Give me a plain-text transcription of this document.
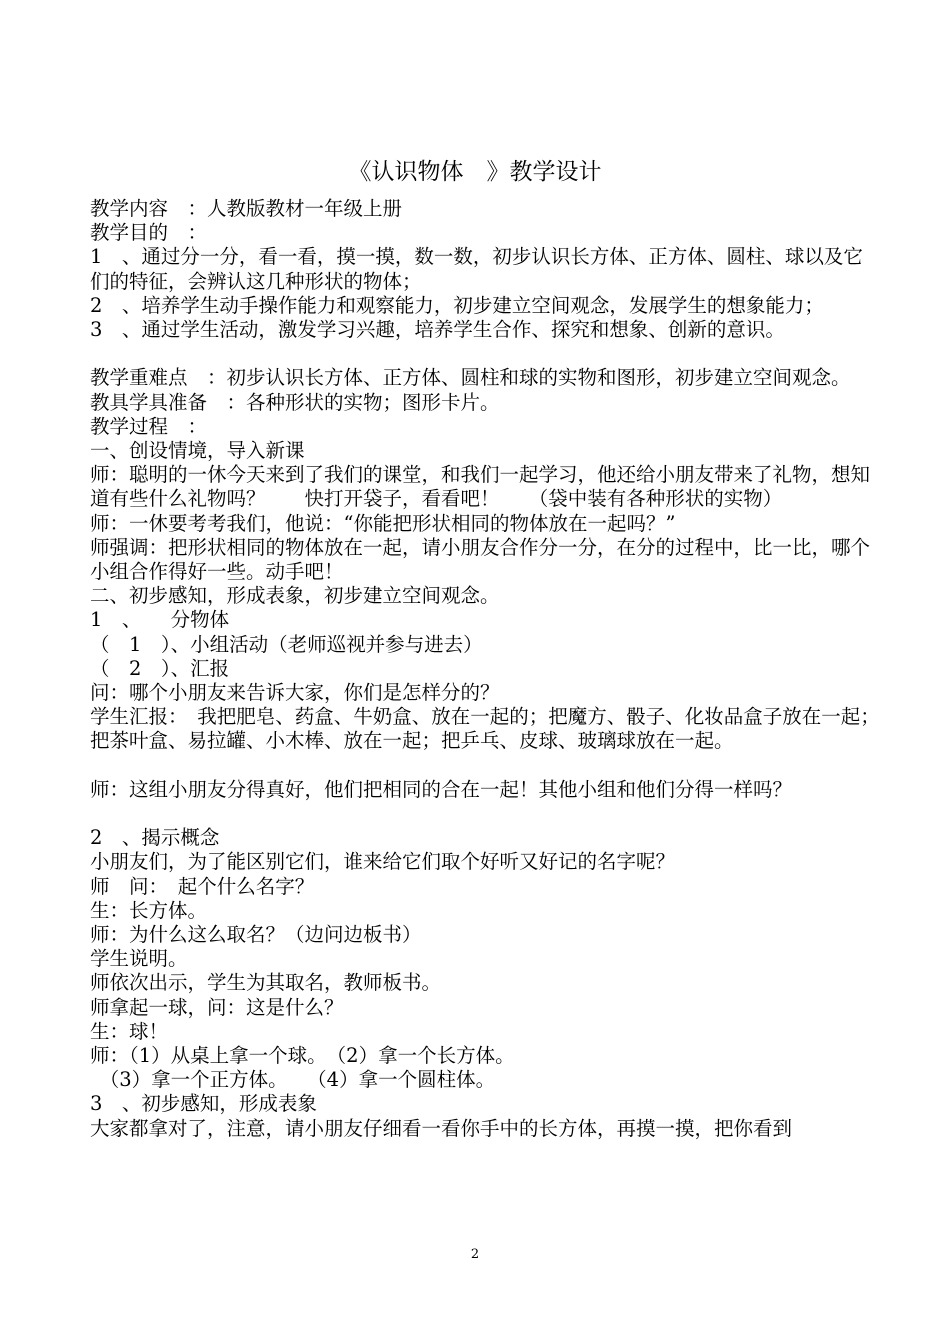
《认识物体　》教学设计

教学内容　：人教版教材一年级上册

教学目的　：

1　、通过分一分，看一看，摸一摸，数一数，初步认识长方体、正方体、圆柱、球以及它们的特征，会辨认这几种形状的物体；

2　、培养学生动手操作能力和观察能力，初步建立空间观念，发展学生的想象能力；

3　、通过学生活动，激发学习兴趣，培养学生合作、探究和想象、创新的意识。

教学重难点　：初步认识长方体、正方体、圆柱和球的实物和图形，初步建立空间观念。

教具学具准备　：各种形状的实物；图形卡片。

教学过程　：

一、创设情境，导入新课

师：聪明的一休今天来到了我们的课堂，和我们一起学习，他还给小朋友带来了礼物，想知道有些什么礼物吗？　　快打开袋子，看看吧！　　（袋中装有各种形状的实物）

师：一休要考考我们，他说：“你能把形状相同的物体放在一起吗？”

师强调：把形状相同的物体放在一起，请小朋友合作分一分，在分的过程中，比一比，哪个小组合作得好一些。动手吧！

二、初步感知，形成表象，初步建立空间观念。

1　、　　分物体

（　1　）、小组活动（老师巡视并参与进去）

（　2　）、汇报

问：哪个小朋友来告诉大家，你们是怎样分的？

学生汇报：　我把肥皂、药盒、牛奶盒、放在一起的；把魔方、骰子、化妆品盒子放在一起；把茶叶盒、易拉罐、小木棒、放在一起；把乒乓、皮球、玻璃球放在一起。

师：这组小朋友分得真好，他们把相同的合在一起！其他小组和他们分得一样吗？

2　、揭示概念

小朋友们，为了能区别它们，谁来给它们取个好听又好记的名字呢？

师　问：　起个什么名字？

生：长方体。

师：为什么这么取名？（边问边板书）

学生说明。

师依次出示，学生为其取名，教师板书。

师拿起一球，问：这是什么？

生：球！

师：（1）从桌上拿一个球。　（2）拿一个长方体。

　（3）拿一个正方体。　　（4）拿一个圆柱体。

3　、初步感知，形成表象

大家都拿对了，注意，请小朋友仔细看一看你手中的长方体，再摸一摸，把你看到

2
